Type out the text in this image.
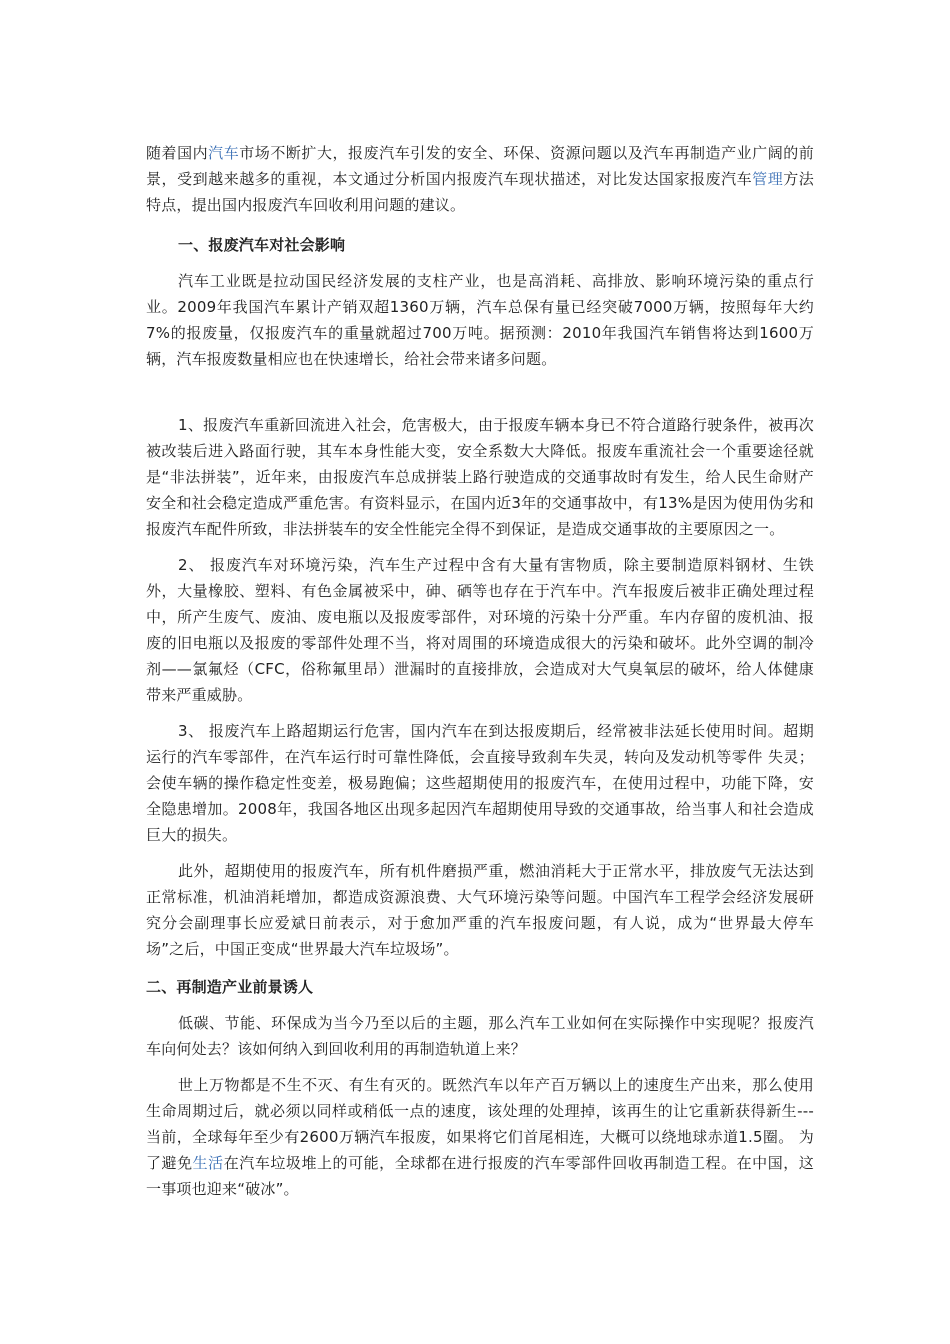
随着国内汽车市场不断扩大，报废汽车引发的安全、环保、资源问题以及汽车再制造产业广阔的前景，受到越来越多的重视，本文通过分析国内报废汽车现状描述，对比发达国家报废汽车管理方法特点，提出国内报废汽车回收利用问题的建议。

一、报废汽车对社会影响

汽车工业既是拉动国民经济发展的支柱产业，也是高消耗、高排放、影响环境污染的重点行业。2009年我国汽车累计产销双超1360万辆，汽车总保有量已经突破7000万辆，按照每年大约7%的报废量，仅报废汽车的重量就超过700万吨。据预测：2010年我国汽车销售将达到1600万辆，汽车报废数量相应也在快速增长，给社会带来诸多问题。

1、报废汽车重新回流进入社会，危害极大，由于报废车辆本身已不符合道路行驶条件，被再次被改装后进入路面行驶，其车本身性能大变，安全系数大大降低。报废车重流社会一个重要途径就是“非法拼装”，近年来，由报废汽车总成拼装上路行驶造成的交通事故时有发生，给人民生命财产安全和社会稳定造成严重危害。有资料显示，在国内近3年的交通事故中，有13%是因为使用伪劣和报废汽车配件所致，非法拼装车的安全性能完全得不到保证，是造成交通事故的主要原因之一。

2、 报废汽车对环境污染，汽车生产过程中含有大量有害物质，除主要制造原料钢材、生铁外，大量橡胶、塑料、有色金属被采中，砷、硒等也存在于汽车中。汽车报废后被非正确处理过程中，所产生废气、废油、废电瓶以及报废零部件，对环境的污染十分严重。车内存留的废机油、报废的旧电瓶以及报废的零部件处理不当，将对周围的环境造成很大的污染和破坏。此外空调的制冷剂——氯氟烃（CFC，俗称氟里昂）泄漏时的直接排放，会造成对大气臭氧层的破坏，给人体健康带来严重威胁。

3、 报废汽车上路超期运行危害，国内汽车在到达报废期后，经常被非法延长使用时间。超期运行的汽车零部件，在汽车运行时可靠性降低，会直接导致刹车失灵，转向及发动机等零件 失灵；会使车辆的操作稳定性变差，极易跑偏；这些超期使用的报废汽车，在使用过程中，功能下降，安全隐患增加。2008年，我国各地区出现多起因汽车超期使用导致的交通事故，给当事人和社会造成巨大的损失。

此外，超期使用的报废汽车，所有机件磨损严重，燃油消耗大于正常水平，排放废气无法达到正常标准，机油消耗增加，都造成资源浪费、大气环境污染等问题。中国汽车工程学会经济发展研究分会副理事长应爱斌日前表示，对于愈加严重的汽车报废问题，有人说，成为“世界最大停车场”之后，中国正变成“世界最大汽车垃圾场”。

二、再制造产业前景诱人

低碳、节能、环保成为当今乃至以后的主题，那么汽车工业如何在实际操作中实现呢？报废汽车向何处去？该如何纳入到回收利用的再制造轨道上来？

世上万物都是不生不灭、有生有灭的。既然汽车以年产百万辆以上的速度生产出来，那么使用生命周期过后，就必须以同样或稍低一点的速度，该处理的处理掉，该再生的让它重新获得新生---当前，全球每年至少有2600万辆汽车报废，如果将它们首尾相连，大概可以绕地球赤道1.5圈。 为了避免生活在汽车垃圾堆上的可能，全球都在进行报废的汽车零部件回收再制造工程。在中国，这一事项也迎来“破冰”。
